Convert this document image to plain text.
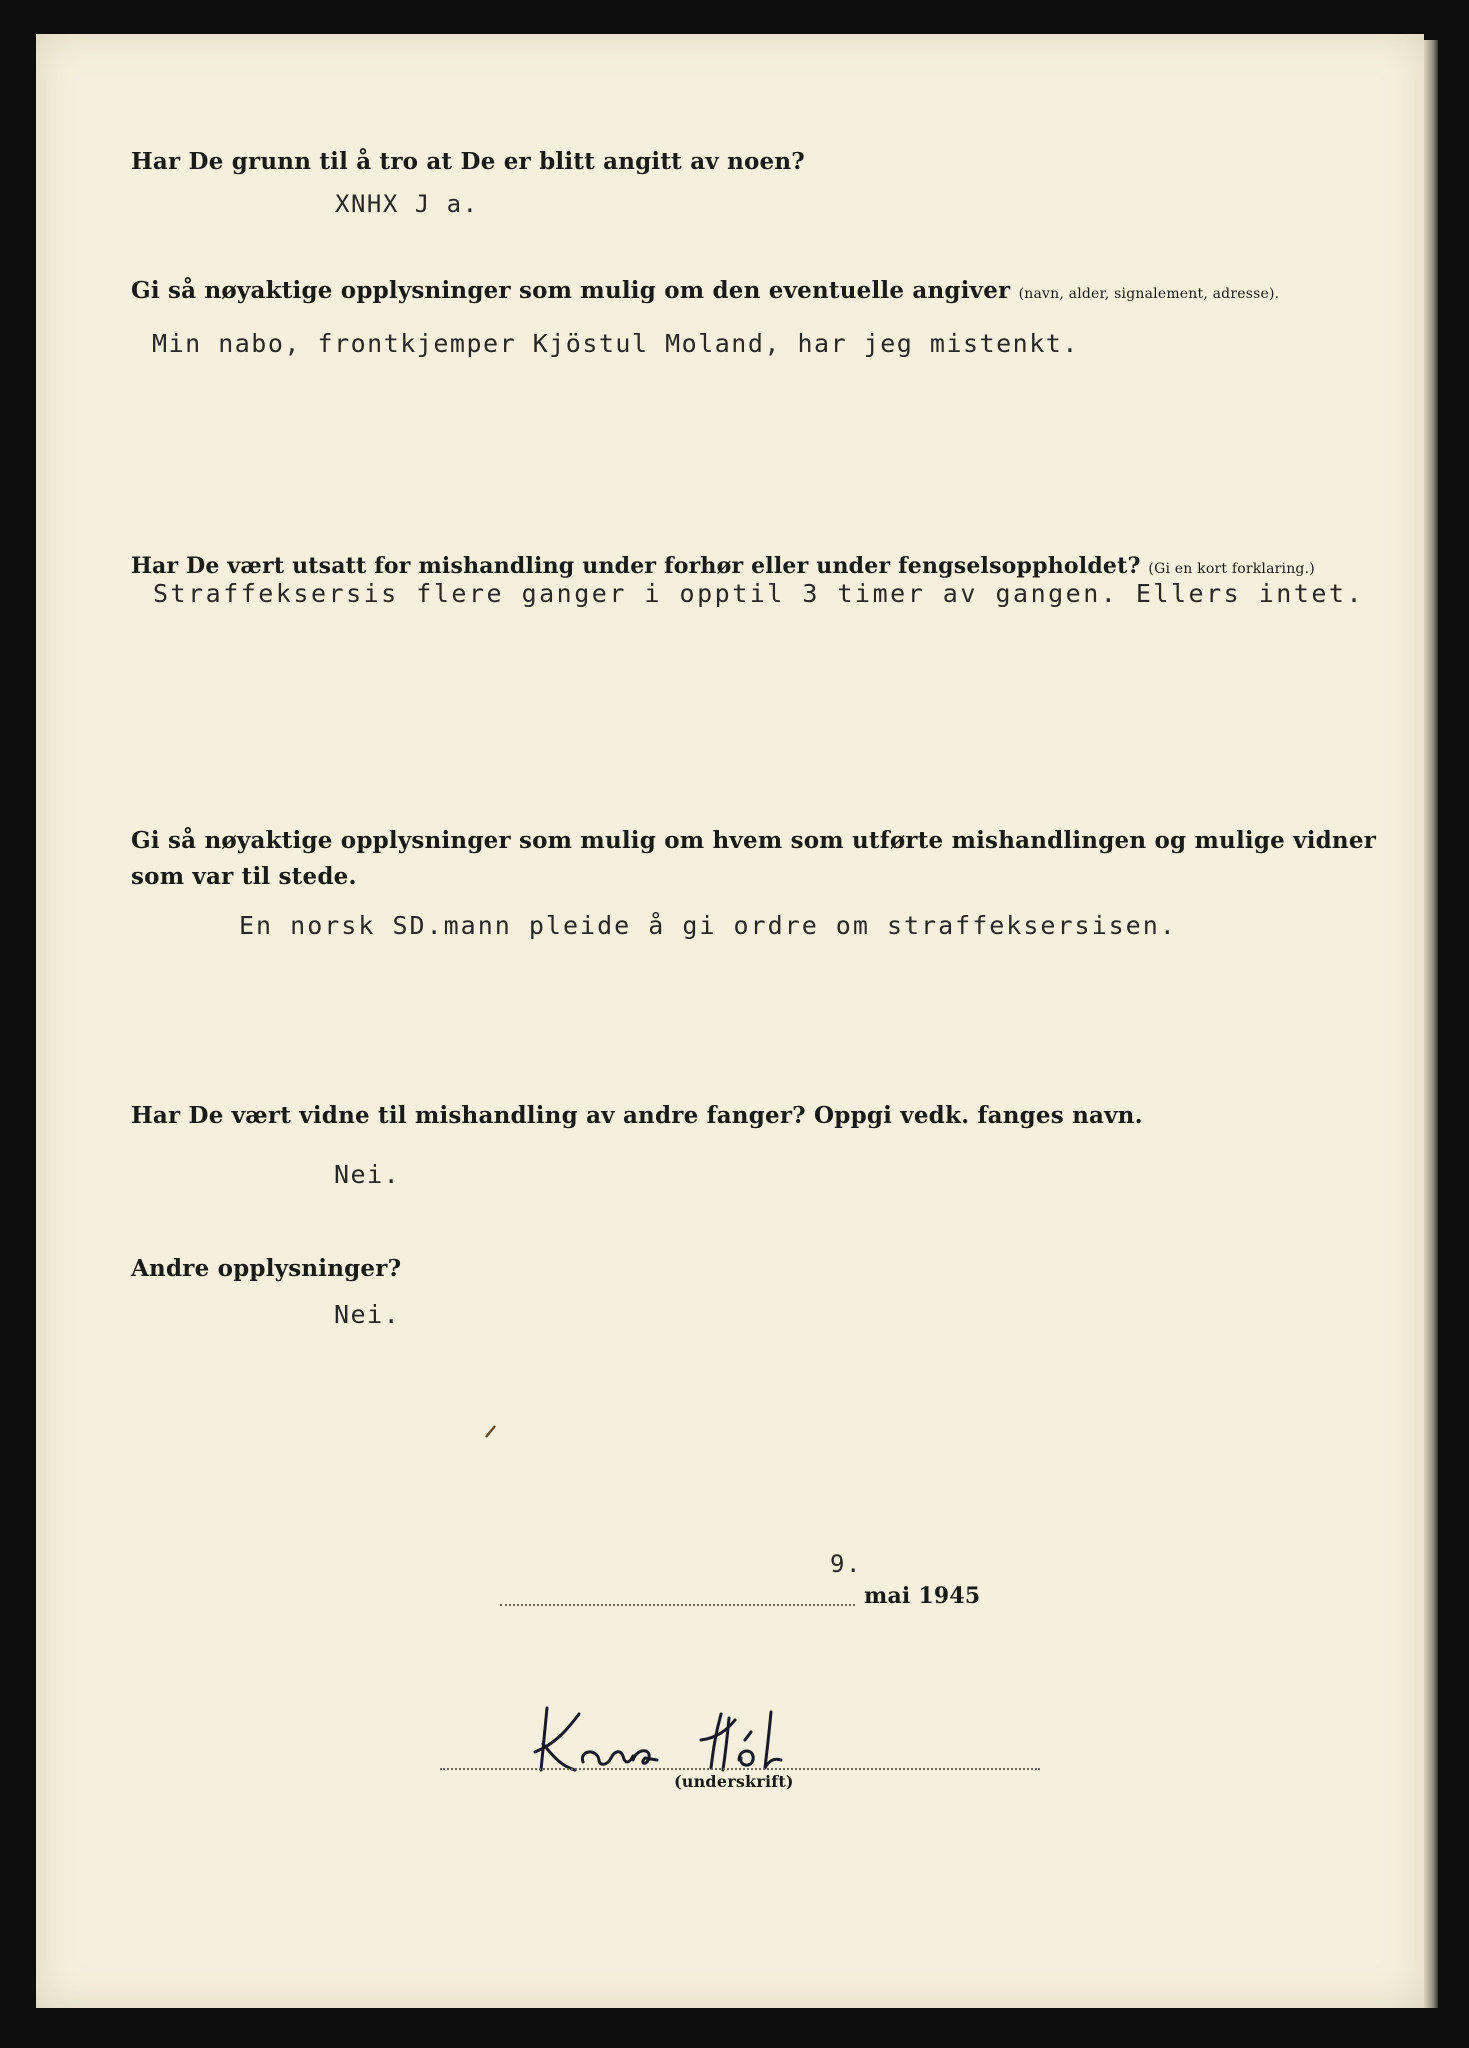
Har De grunn til å tro at De er blitt angitt av noen?
XNHX J a.
Gi så nøyaktige opplysninger som mulig om den eventuelle angiver (navn, alder, signalement, adresse).
Min nabo, frontkjemper Kjöstul Moland, har jeg mistenkt.
Har De vært utsatt for mishandling under forhør eller under fengselsoppholdet? (Gi en kort forklaring.)
Straffeksersis flere ganger i opptil 3 timer av gangen. Ellers intet.
Gi så nøyaktige opplysninger som mulig om hvem som utførte mishandlingen og mulige vidner
som var til stede.
En norsk SD.mann pleide å gi ordre om straffeksersisen.
Har De vært vidne til mishandling av andre fanger? Oppgi vedk. fanges navn.
Nei.
Andre opplysninger?
Nei.
9.
mai 1945
(underskrift)
